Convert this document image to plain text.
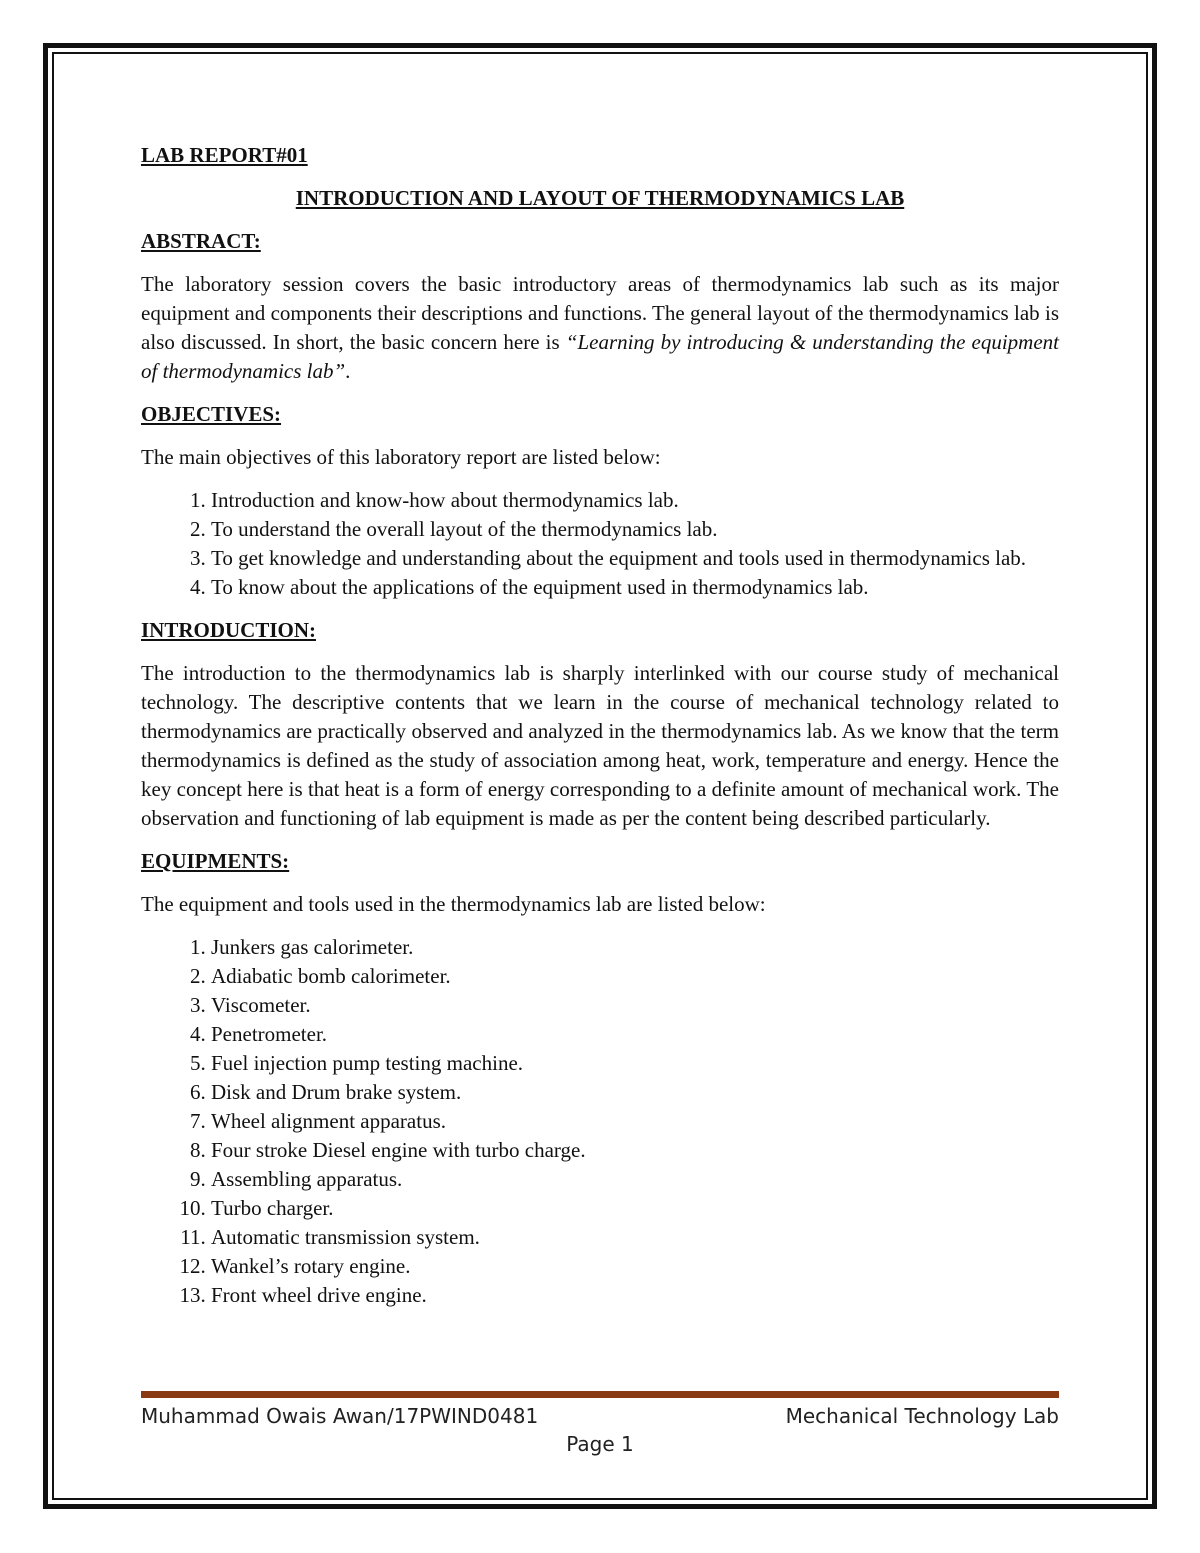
LAB REPORT#01
INTRODUCTION AND LAYOUT OF THERMODYNAMICS LAB
ABSTRACT:

The laboratory session covers the basic introductory areas of thermodynamics lab such as its major equipment and components their descriptions and functions. The general layout of the thermodynamics lab is also discussed. In short, the basic concern here is “Learning by introducing & understanding the equipment of thermodynamics lab”.

OBJECTIVES:

The main objectives of this laboratory report are listed below:

1. Introduction and know-how about thermodynamics lab.
2. To understand the overall layout of the thermodynamics lab.
3. To get knowledge and understanding about the equipment and tools used in thermodynamics lab.
4. To know about the applications of the equipment used in thermodynamics lab.
INTRODUCTION:

The introduction to the thermodynamics lab is sharply interlinked with our course study of mechanical technology. The descriptive contents that we learn in the course of mechanical technology related to thermodynamics are practically observed and analyzed in the thermodynamics lab. As we know that the term thermodynamics is defined as the study of association among heat, work, temperature and energy. Hence the key concept here is that heat is a form of energy corresponding to a definite amount of mechanical work. The observation and functioning of lab equipment is made as per the content being described particularly.

EQUIPMENTS:

The equipment and tools used in the thermodynamics lab are listed below:

1. Junkers gas calorimeter.
2. Adiabatic bomb calorimeter.
3. Viscometer.
4. Penetrometer.
5. Fuel injection pump testing machine.
6. Disk and Drum brake system.
7. Wheel alignment apparatus.
8. Four stroke Diesel engine with turbo charge.
9. Assembling apparatus.
10. Turbo charger.
11. Automatic transmission system.
12. Wankel’s rotary engine.
13. Front wheel drive engine.
Muhammad Owais Awan/17PWIND0481	Mechanical Technology Lab
Page 1
